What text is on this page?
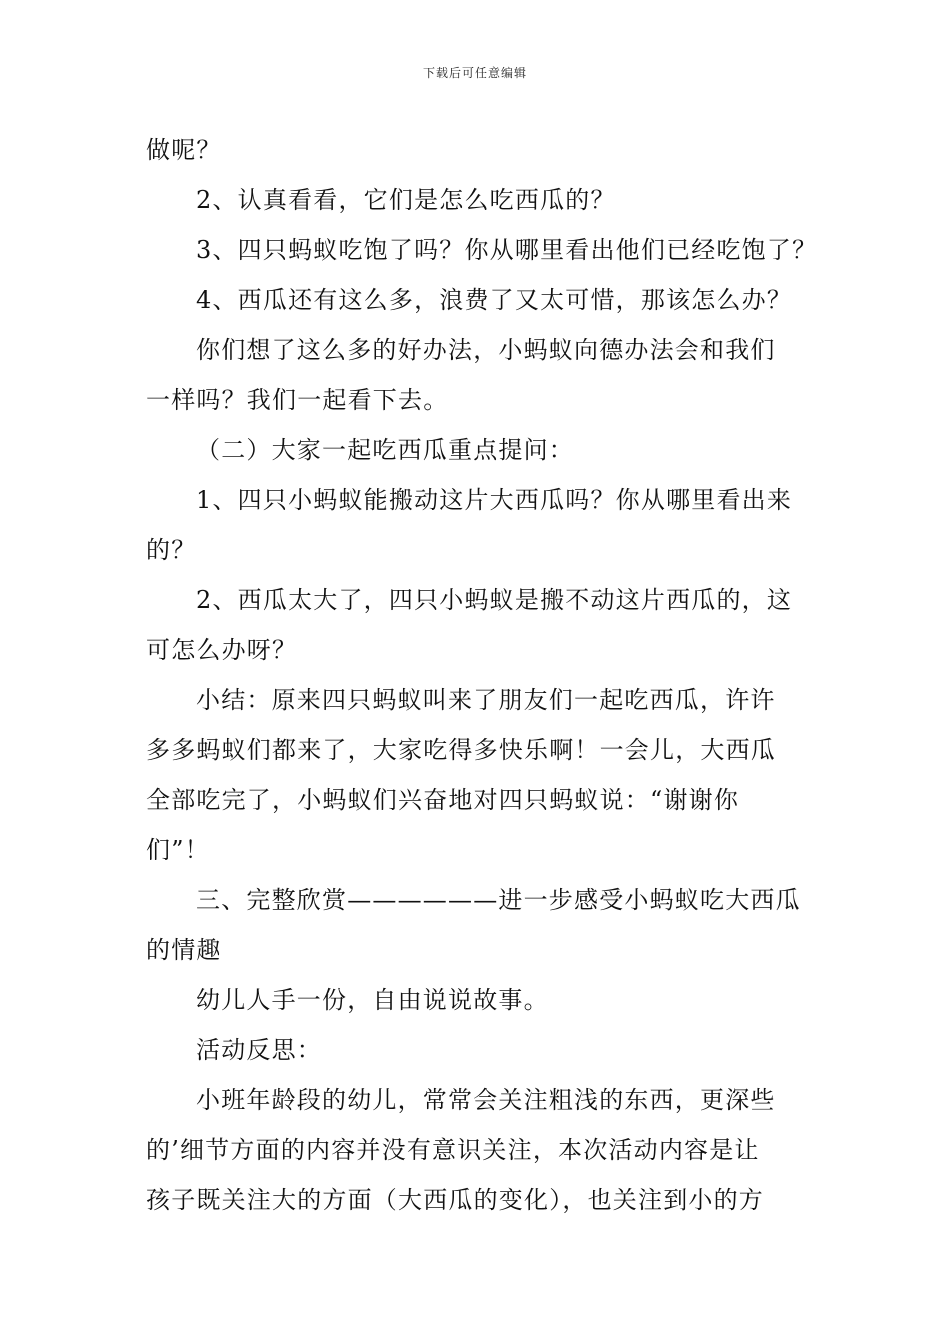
下载后可任意编辑
做呢？
2、认真看看，它们是怎么吃西瓜的？
3、四只蚂蚁吃饱了吗？你从哪里看出他们已经吃饱了？
4、西瓜还有这么多，浪费了又太可惜，那该怎么办？
你们想了这么多的好办法，小蚂蚁向德办法会和我们
一样吗？我们一起看下去。
（二）大家一起吃西瓜重点提问：
1、四只小蚂蚁能搬动这片大西瓜吗？你从哪里看出来
的？
2、西瓜太大了，四只小蚂蚁是搬不动这片西瓜的，这
可怎么办呀？
小结：原来四只蚂蚁叫来了朋友们一起吃西瓜，许许
多多蚂蚁们都来了，大家吃得多快乐啊！一会儿，大西瓜
全部吃完了，小蚂蚁们兴奋地对四只蚂蚁说：“谢谢你
们”！
三、完整欣赏——————进一步感受小蚂蚁吃大西瓜
的情趣
幼儿人手一份，自由说说故事。
活动反思：
小班年龄段的幼儿，常常会关注粗浅的东西，更深些
的’细节方面的内容并没有意识关注，本次活动内容是让
孩子既关注大的方面（大西瓜的变化），也关注到小的方
